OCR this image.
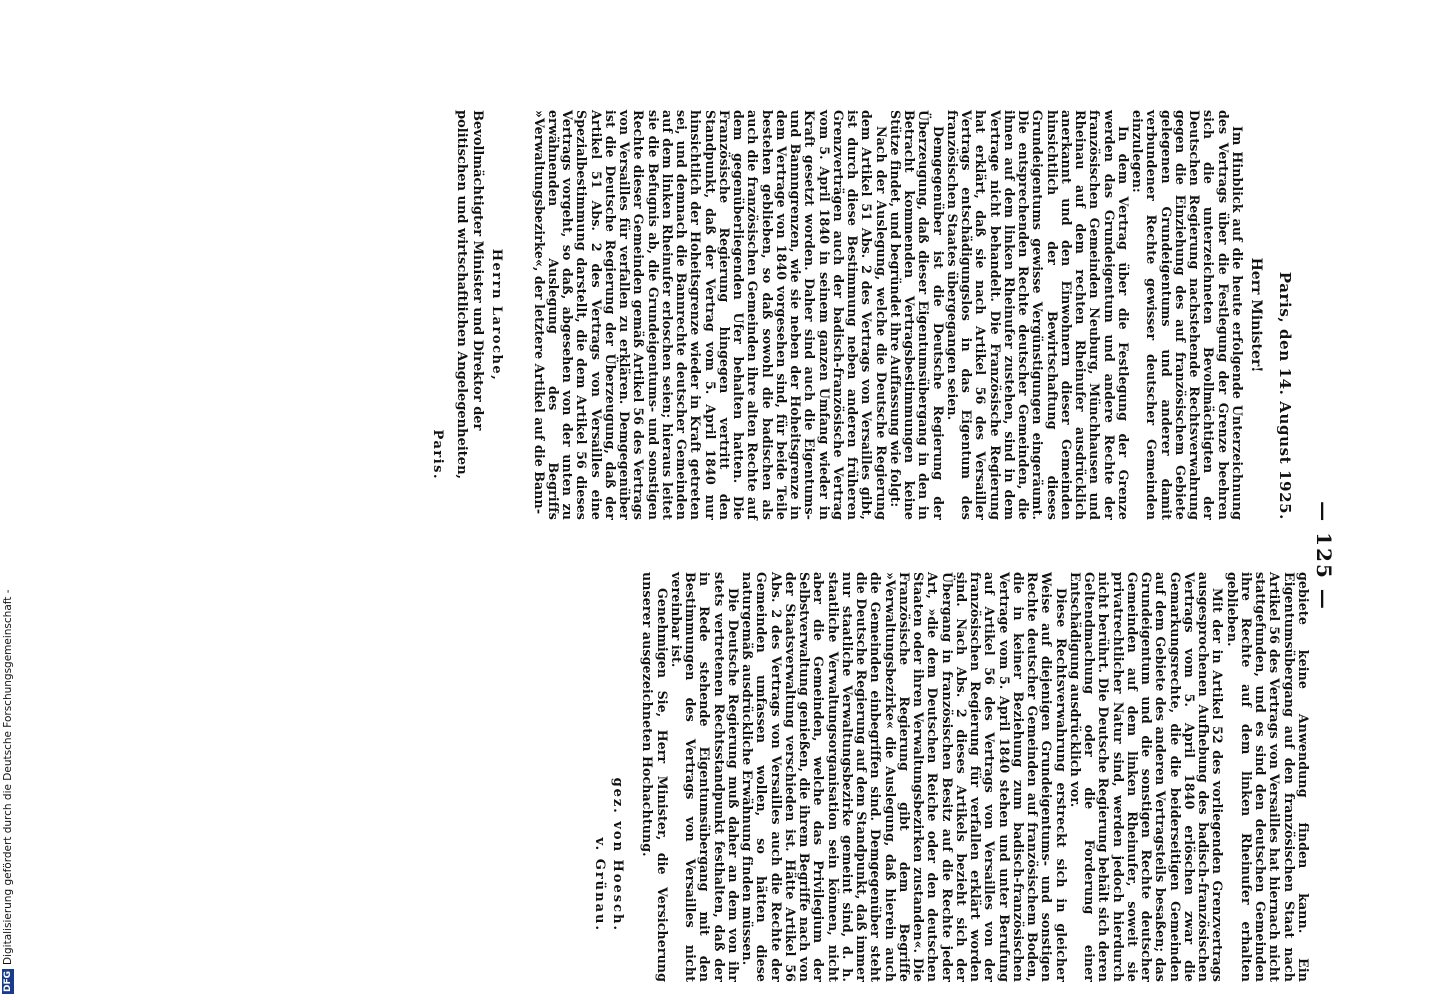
— 125 —
Paris, den 14. August 1925.
Herr Minister!

Im Hinblick auf die heute erfolgende Unterzeichnung des Vertrags über die Festlegung der Grenze beehren sich die unterzeichneten Bevollmächtigten der Deutschen Regierung nachstehende Rechtsverwahrung gegen die Einziehung des auf französischem Gebiete gelegenen Grundeigentums und anderer damit verbundener Rechte gewisser deutscher Gemeinden einzulegen:

In dem Vertrag über die Festlegung der Grenze werden das Grundeigentum und andere Rechte der französischen Gemeinden Neuburg, Münchhausen und Rheinau auf dem rechten Rheinufer ausdrücklich anerkannt und den Einwohnern dieser Gemeinden hinsichtlich der Bewirtschaftung dieses Grundeigentums gewisse Vergünstigungen eingeräumt. Die entsprechenden Rechte deutscher Gemeinden, die ihnen auf dem linken Rheinufer zustehen, sind in dem Vertrage nicht behandelt. Die Französische Regierung hat erklärt, daß sie nach Artikel 56 des Versailler Vertrags entschädigungslos in das Eigentum des französischen Staates übergegangen seien.

Demgegenüber ist die Deutsche Regierung der Überzeugung, daß dieser Eigentumsübergang in den in Betracht kommenden Vertragsbestimmungen keine Stütze findet, und begründet ihre Auffassung wie folgt:

Nach der Auslegung, welche die Deutsche Regierung dem Artikel 51 Abs. 2 des Vertrags von Versailles gibt, ist durch diese Bestimmung neben anderen früheren Grenzverträgen auch der badisch-französische Vertrag vom 5. April 1840 in seinem ganzen Umfang wieder in Kraft gesetzt worden. Daher sind auch die Eigentums- und Bannngrenzen, wie sie neben der Hoheitsgrenze in dem Vertrage von 1840 vorgesehen sind, für beide Teile bestehen geblieben, so daß sowohl die badischen als auch die französischen Gemeinden ihre alten Rechte auf dem gegenüberliegenden Ufer behalten hatten. Die Französische Regierung hingegen vertritt den Standpunkt, daß der Vertrag vom 5. April 1840 nur hinsichtlich der Hoheitsgrenze wieder in Kraft getreten sei, und demnach die Bannrechte deutscher Gemeinden auf dem linken Rheinufer erloschen seien; hieraus leitet sie die Befugnis ab, die Grundeigentums- und sonstigen Rechte dieser Gemeinden gemäß Artikel 56 des Vertrags von Versailles für verfallen zu erklären. Demgegenüber ist die Deutsche Regierung der Überzeugung, daß der Artikel 51 Abs. 2 des Vertrags von Versailles eine Spezialbestimmung darstellt, die dem Artikel 56 dieses Vertrags vorgeht, so daß, abgesehen von der unten zu erwähnenden Auslegung des Begriffs »Verwaltungsbezirke«, der letztere Artikel auf die Bann-

Herrn Laroche,
Bevollmächtigter Minister und Direktor der
politischen und wirtschaftlichen Angelegenheiten,
Paris.

gebiete keine Anwendung finden kann. Ein Eigentumsübergang auf den französischen Staat nach Artikel 56 des Vertrags von Versailles hat hiernach nicht stattgefunden, und es sind den deutschen Gemeinden ihre Rechte auf dem linken Rheinufer erhalten geblieben.

Mit der in Artikel 52 des vorliegenden Grenzvertrags ausgesprochenen Aufhebung des badisch-französischen Vertrags vom 5. April 1840 erlöschen zwar die Gemarkungsrechte, die die beiderseitigen Gemeinden auf dem Gebiete des anderen Vertragsteils besaßen; das Grundeigentum und die sonstigen Rechte deutscher Gemeinden auf dem linken Rheinufer, soweit sie privatrechtlicher Natur sind, werden jedoch hierdurch nicht berührt. Die Deutsche Regierung behält sich deren Geltendmachung oder die Forderung einer Entschädigung ausdrücklich vor.

Diese Rechtsverwahrung erstreckt sich in gleicher Weise auf diejenigen Grundeigentums- und sonstigen Rechte deutscher Gemeinden auf französischem Boden, die in keiner Beziehung zum badisch-französischen Vertrage vom 5. April 1840 stehen und unter Berufung auf Artikel 56 des Vertrags von Versailles von der französischen Regierung für verfallen erklärt worden sind. Nach Abs. 2 dieses Artikels bezieht sich der Übergang in französischen Besitz auf die Rechte jeder Art, »die dem Deutschen Reiche oder den deutschen Staaten oder ihren Verwaltungsbezirken zustanden«. Die Französische Regierung gibt dem Begriffe »Verwaltungsbezirke« die Auslegung, daß hierein auch die Gemeinden einbegriffen sind. Demgegenüber steht die Deutsche Regierung auf dem Standpunkt, daß immer nur staatliche Verwaltungsbezirke gemeint sind, d. h. staatliche Verwaltungsorganisation sein können, nicht aber die Gemeinden, welche das Privilegium der Selbstverwaltung genießen, die ihrem Begriffe nach von der Staatsverwaltung verschieden ist. Hätte Artikel 56 Abs. 2 des Vertrags von Versailles auch die Rechte der Gemeinden umfassen wollen, so hätten diese naturgemäß ausdrückliche Erwähnung finden müssen.

Die Deutsche Regierung muß daher an dem von ihr stets vertretenen Rechtsstandpunkt festhalten, daß der in Rede stehende Eigentumsübergang mit den Bestimmungen des Vertrags von Versailles nicht vereinbar ist.

Genehmigen Sie, Herr Minister, die Versicherung unserer ausgezeichneten Hochachtung.

gez. von Hoesch.
v. Grünau.
DFGDigitalisierung gefördert durch die Deutsche Forschungsgemeinschaft -
